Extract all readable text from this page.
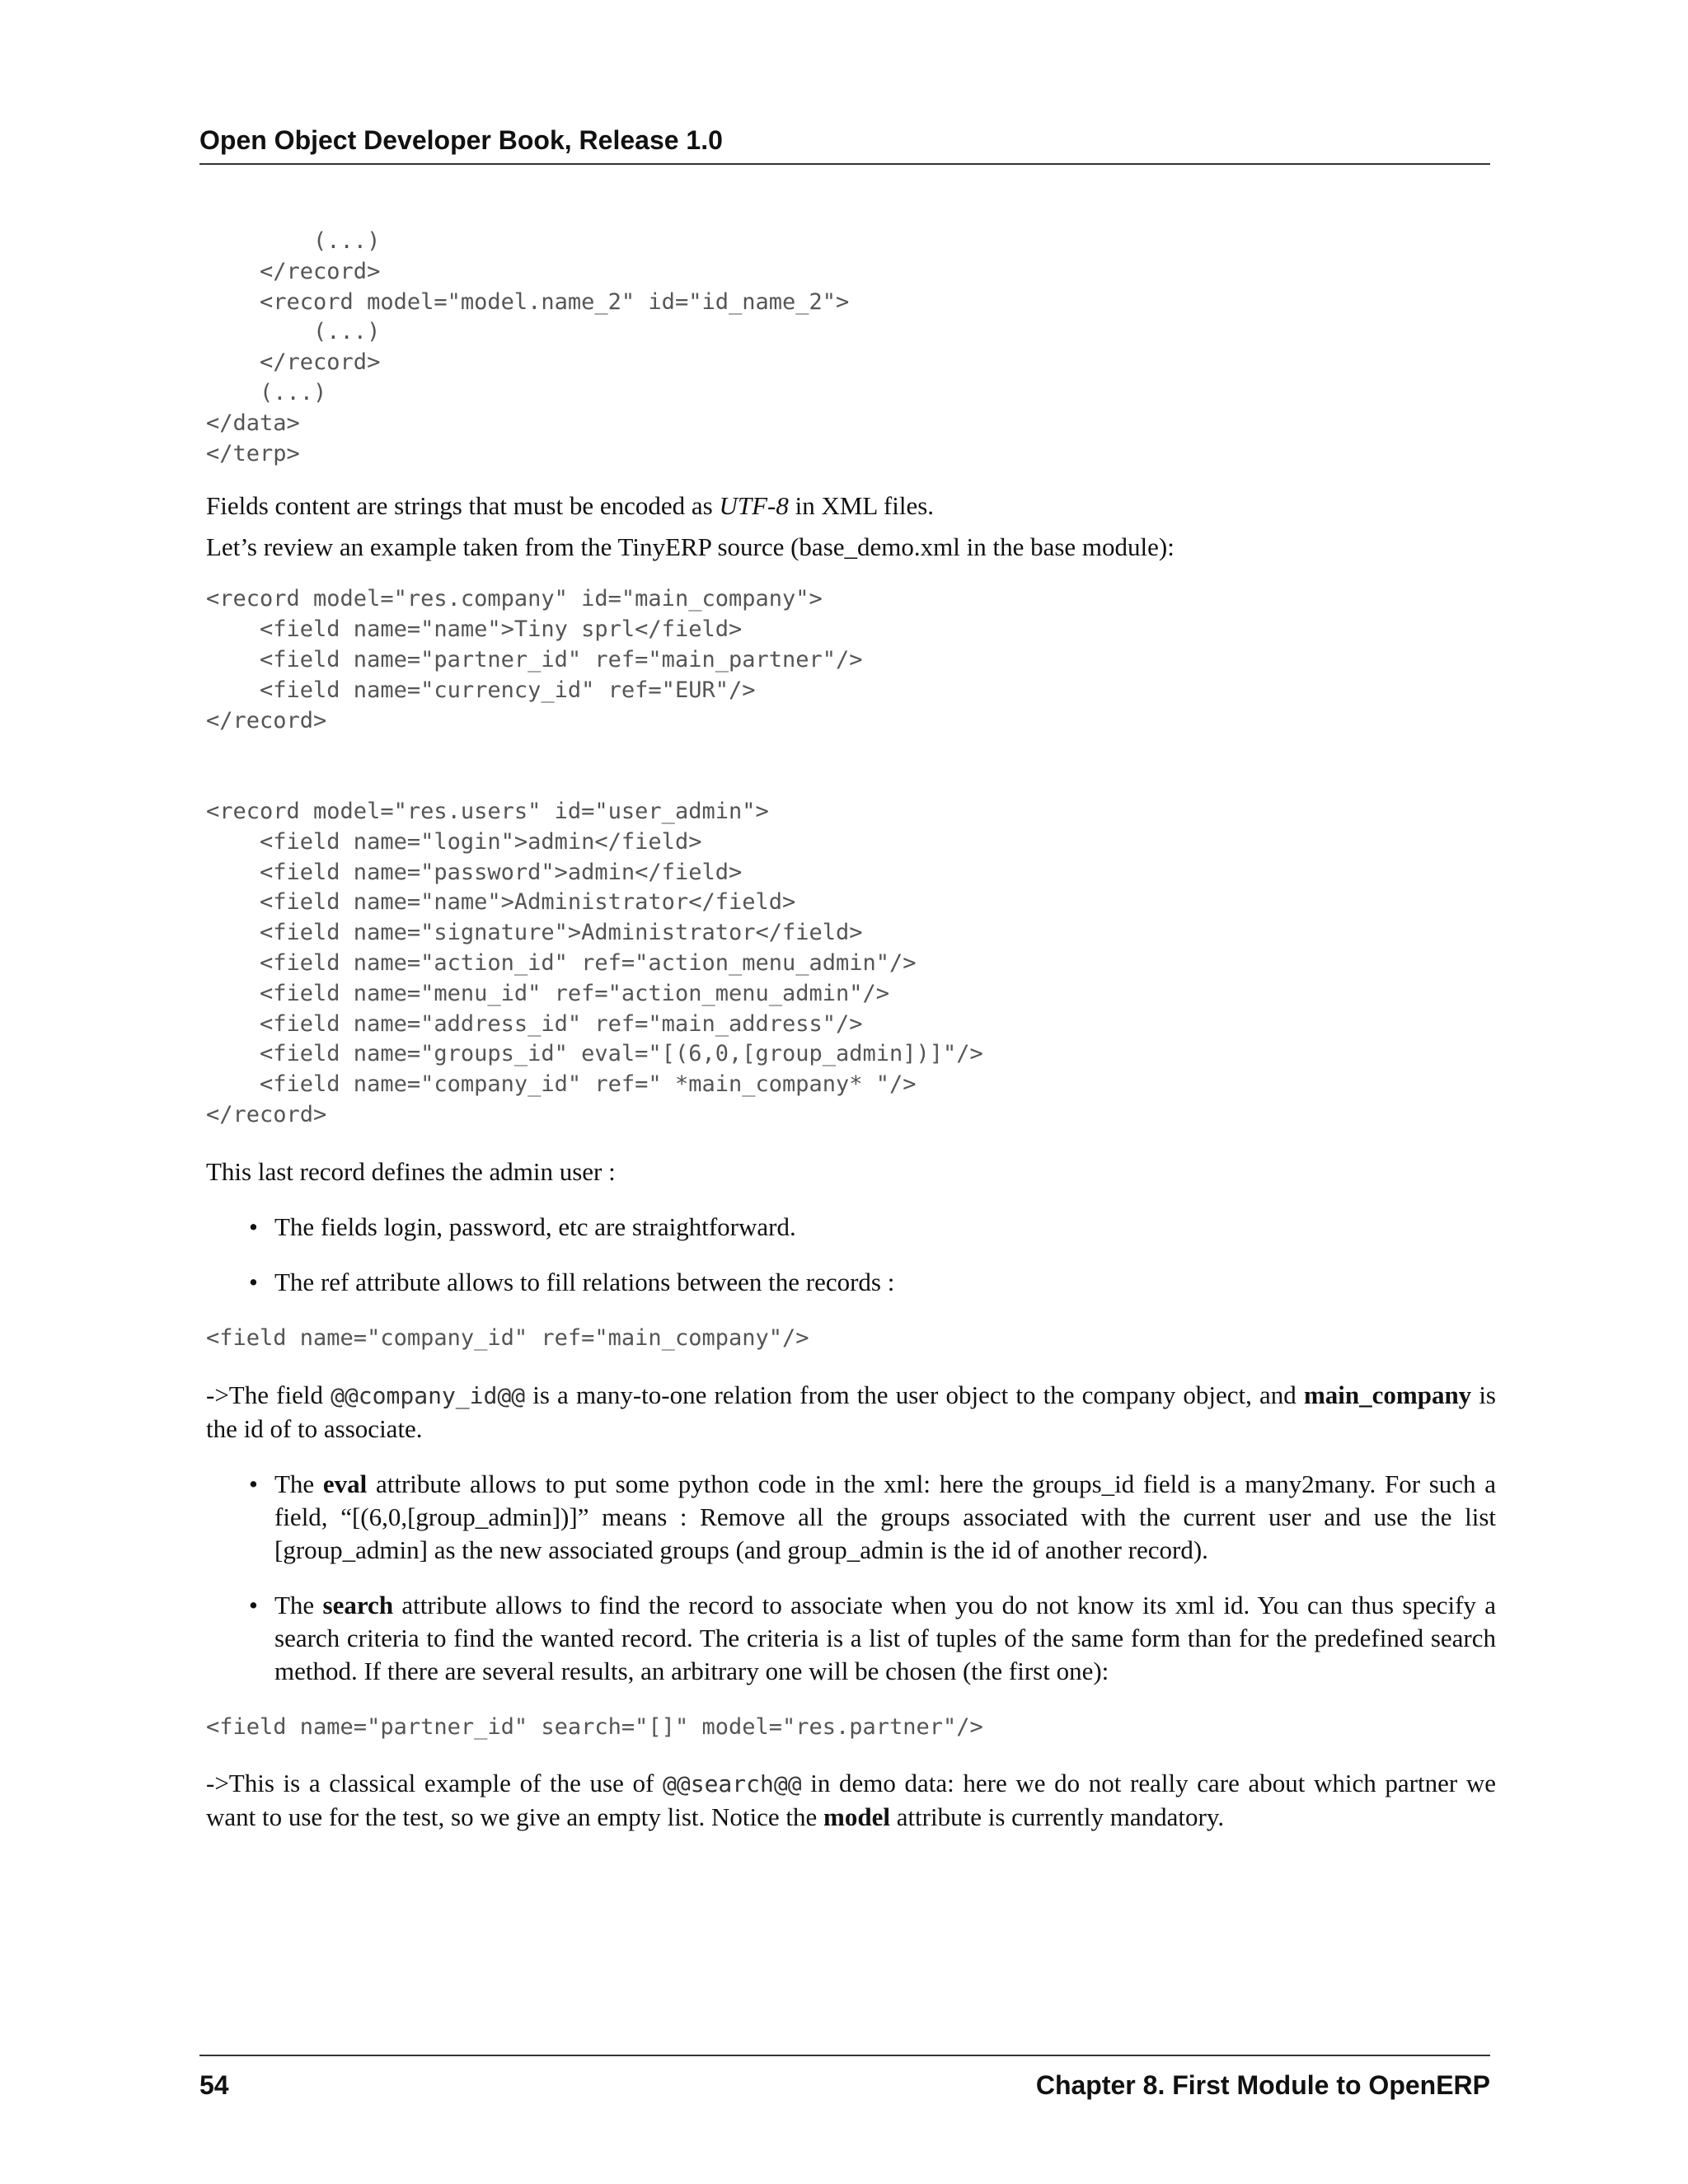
Open Object Developer Book, Release 1.0
(...)
</record>
<record model="model.name_2" id="id_name_2">
(...)
</record>
(...)
</data>
</terp>

Fields content are strings that must be encoded as UTF-8 in XML files.

Let’s review an example taken from the TinyERP source (base_demo.xml in the base module):

<record model="res.company" id="main_company">
<field name="name">Tiny sprl</field>
<field name="partner_id" ref="main_partner"/>
<field name="currency_id" ref="EUR"/>
</record>

<record model="res.users" id="user_admin">
<field name="login">admin</field>
<field name="password">admin</field>
<field name="name">Administrator</field>
<field name="signature">Administrator</field>
<field name="action_id" ref="action_menu_admin"/>
<field name="menu_id" ref="action_menu_admin"/>
<field name="address_id" ref="main_address"/>
<field name="groups_id" eval="[(6,0,[group_admin])]"/>
<field name="company_id" ref=" *main_company* "/>
</record>

This last record defines the admin user :

• The fields login, password, etc are straightforward.
• The ref attribute allows to fill relations between the records :
<field name="company_id" ref="main_company"/>

->The field @@company_id@@ is a many-to-one relation from the user object to the company object, and main_company is the id of to associate.

• The eval attribute allows to put some python code in the xml: here the groups_id field is a many2many. For such a field, “[(6,0,[group_admin])]” means : Remove all the groups associated with the current user and use the list [group_admin] as the new associated groups (and group_admin is the id of another record).
• The search attribute allows to find the record to associate when you do not know its xml id. You can thus specify a search criteria to find the wanted record. The criteria is a list of tuples of the same form than for the predefined search method. If there are several results, an arbitrary one will be chosen (the first one):
<field name="partner_id" search="[]" model="res.partner"/>

->This is a classical example of the use of @@search@@ in demo data: here we do not really care about which partner we want to use for the test, so we give an empty list. Notice the model attribute is currently mandatory.

54	Chapter 8. First Module to OpenERP
